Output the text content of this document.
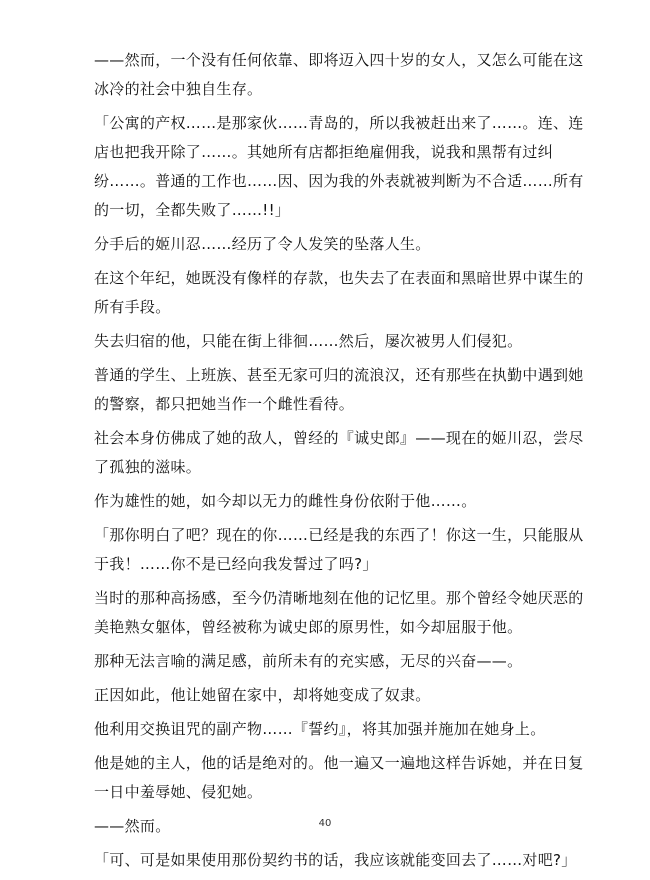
——然而，一个没有任何依靠、即将迈入四十岁的女人，又怎么可能在这冰冷的社会中独自生存。

「公寓的产权……是那家伙……青岛的，所以我被赶出来了……。连、连店也把我开除了……。其她所有店都拒绝雇佣我，说我和黑帮有过纠纷……。普通的工作也……因、因为我的外表就被判断为不合适……所有的一切，全都失败了……!!」

分手后的姬川忍……经历了令人发笑的坠落人生。

在这个年纪，她既没有像样的存款，也失去了在表面和黑暗世界中谋生的所有手段。

失去归宿的他，只能在街上徘徊……然后，屡次被男人们侵犯。

普通的学生、上班族、甚至无家可归的流浪汉，还有那些在执勤中遇到她的警察，都只把她当作一个雌性看待。

社会本身仿佛成了她的敌人，曾经的『诚史郎』——现在的姬川忍，尝尽了孤独的滋味。

作为雄性的她，如今却以无力的雌性身份依附于他……。

「那你明白了吧？现在的你……已经是我的东西了！你这一生，只能服从于我！……你不是已经向我发誓过了吗?」

当时的那种高扬感，至今仍清晰地刻在他的记忆里。那个曾经令她厌恶的美艳熟女躯体，曾经被称为诚史郎的原男性，如今却屈服于他。

那种无法言喻的满足感，前所未有的充实感，无尽的兴奋——。

正因如此，他让她留在家中，却将她变成了奴隶。

他利用交换诅咒的副产物……『誓约』，将其加强并施加在她身上。

他是她的主人，他的话是绝对的。他一遍又一遍地这样告诉她，并在日复一日中羞辱她、侵犯她。

——然而。

「可、可是如果使用那份契约书的话，我应该就能变回去了……对吧?」

40
